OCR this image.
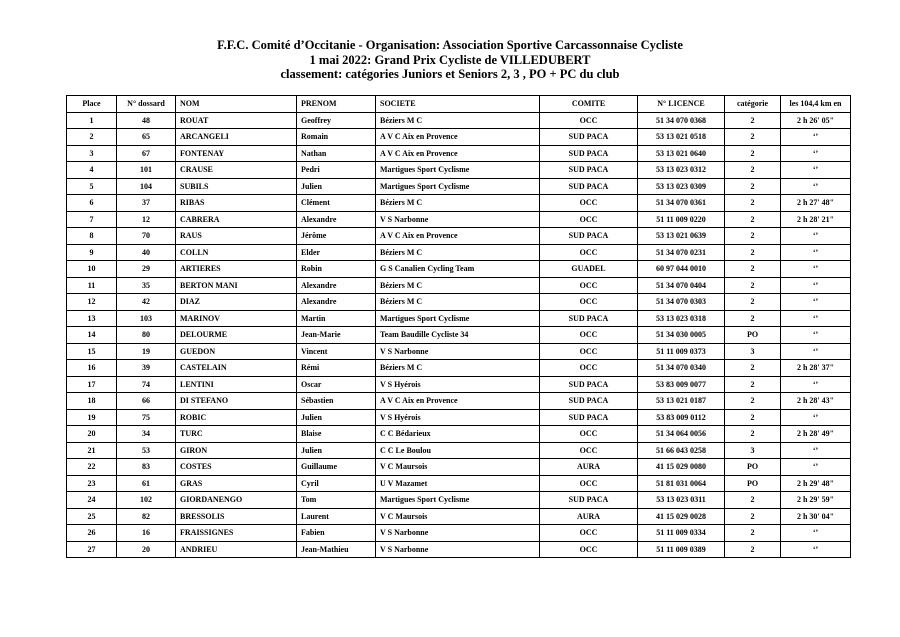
F.F.C. Comité d’Occitanie - Organisation: Association Sportive Carcassonnaise Cycliste
1 mai 2022: Grand Prix Cycliste de VILLEDUBERT
classement: catégories Juniors et Seniors 2, 3 , PO + PC du club
Place	N° dossard	NOM	PRENOM	SOCIETE	COMITE	N° LICENCE	catégorie	les 104,4 km en
1	48	ROUAT	Geoffrey	Béziers M C	OCC	51 34 070 0368	2	2 h 26' 05"
2	65	ARCANGELI	Romain	A V C Aix en Provence	SUD PACA	53 13 021 0518	2	‘’
3	67	FONTENAY	Nathan	A V C Aix en Provence	SUD PACA	53 13 021 0640	2	‘’
4	101	CRAUSE	Pedri	Martigues Sport Cyclisme	SUD PACA	53 13 023 0312	2	‘’
5	104	SUBILS	Julien	Martigues Sport Cyclisme	SUD PACA	53 13 023 0309	2	‘’
6	37	RIBAS	Clément	Béziers M C	OCC	51 34 070 0361	2	2 h 27' 48"
7	12	CABRERA	Alexandre	V S Narbonne	OCC	51 11 009 0220	2	2 h 28' 21"
8	70	RAUS	Jérôme	A V C Aix en Provence	SUD PACA	53 13 021 0639	2	‘’
9	40	COLLN	Elder	Béziers M C	OCC	51 34 070 0231	2	‘’
10	29	ARTIERES	Robin	G S Canalien Cycling Team	GUADEL	60 97 044 0010	2	‘’
11	35	BERTON MANI	Alexandre	Béziers M C	OCC	51 34 070 0404	2	‘’
12	42	DIAZ	Alexandre	Béziers M C	OCC	51 34 070 0303	2	‘’
13	103	MARINOV	Martin	Martigues Sport Cyclisme	SUD PACA	53 13 023 0318	2	‘’
14	80	DELOURME	Jean-Marie	Team Baudille Cycliste 34	OCC	51 34 030 0005	PO	‘’
15	19	GUEDON	Vincent	V S Narbonne	OCC	51 11 009 0373	3	‘’
16	39	CASTELAIN	Rémi	Béziers M C	OCC	51 34 070 0340	2	2 h 28' 37"
17	74	LENTINI	Oscar	V S Hyérois	SUD PACA	53 83 009 0077	2	‘’
18	66	DI STEFANO	Sébastien	A V C Aix en Provence	SUD PACA	53 13 021 0187	2	2 h 28' 43"
19	75	ROBIC	Julien	V S Hyérois	SUD PACA	53 83 009 0112	2	‘’
20	34	TURC	Blaise	C C Bédarieux	OCC	51 34 064 0056	2	2 h 28' 49"
21	53	GIRON	Julien	C C Le Boulou	OCC	51 66 043 0258	3	‘’
22	83	COSTES	Guillaume	V C Maursois	AURA	41 15 029 0080	PO	‘’
23	61	GRAS	Cyril	U V Mazamet	OCC	51 81 031 0064	PO	2 h 29' 48"
24	102	GIORDANENGO	Tom	Martigues Sport Cyclisme	SUD PACA	53 13 023 0311	2	2 h 29' 59"
25	82	BRESSOLIS	Laurent	V C Maursois	AURA	41 15 029 0028	2	2 h 30' 04"
26	16	FRAISSIGNES	Fabien	V S Narbonne	OCC	51 11 009 0334	2	‘’
27	20	ANDRIEU	Jean-Mathieu	V S Narbonne	OCC	51 11 009 0389	2	‘’
